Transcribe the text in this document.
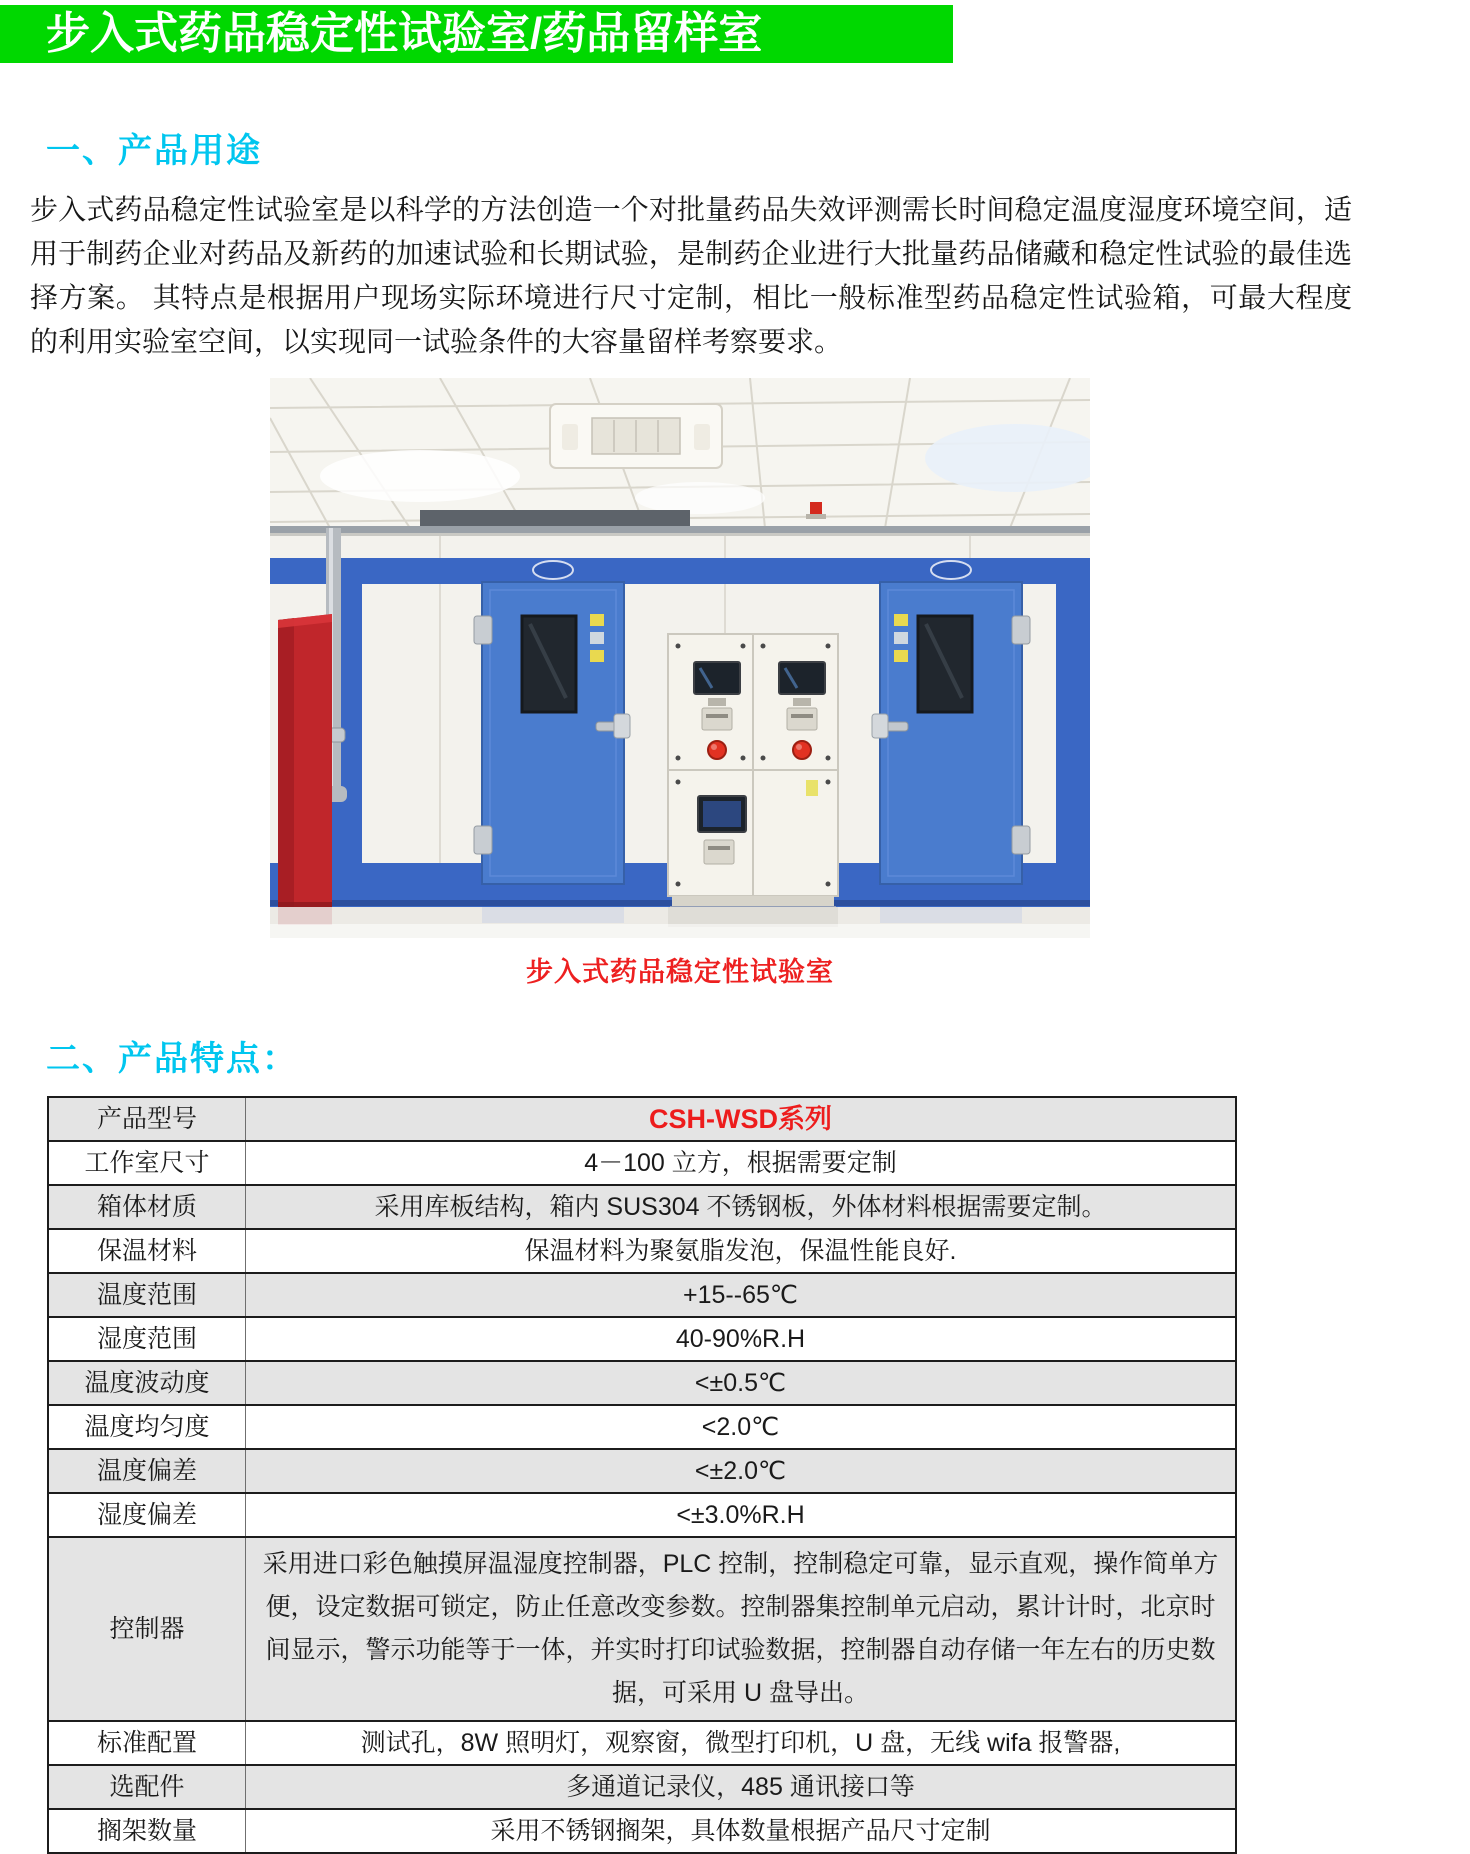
步入式药品稳定性试验室/药品留样室
一、产品用途

步入式药品稳定性试验室是以科学的方法创造一个对批量药品失效评测需长时间稳定温度湿度环境空间，适用于制药企业对药品及新药的加速试验和长期试验，是制药企业进行大批量药品储藏和稳定性试验的最佳选择方案。 其特点是根据用户现场实际环境进行尺寸定制，相比一般标准型药品稳定性试验箱，可最大程度的利用实验室空间，以实现同一试验条件的大容量留样考察要求。

步入式药品稳定性试验室
二、产品特点：
产品型号	CSH-WSD系列
工作室尺寸	4－100 立方，根据需要定制
箱体材质	采用库板结构，箱内 SUS304 不锈钢板，外体材料根据需要定制。
保温材料	保温材料为聚氨脂发泡，保温性能良好.
温度范围	+15--65℃
湿度范围	40-90%R.H
温度波动度	<±0.5℃
温度均匀度	<2.0℃
温度偏差	<±2.0℃
湿度偏差	<±3.0%R.H
控制器	采用进口彩色触摸屏温湿度控制器，PLC 控制，控制稳定可靠，显示直观，操作简单方便，设定数据可锁定，防止任意改变参数。控制器集控制单元启动，累计计时，北京时间显示，警示功能等于一体，并实时打印试验数据，控制器自动存储一年左右的历史数据，可采用 U 盘导出。
标准配置	测试孔，8W 照明灯，观察窗，微型打印机，U 盘，无线 wifa 报警器,
选配件	多通道记录仪，485 通讯接口等
搁架数量	采用不锈钢搁架，具体数量根据产品尺寸定制
